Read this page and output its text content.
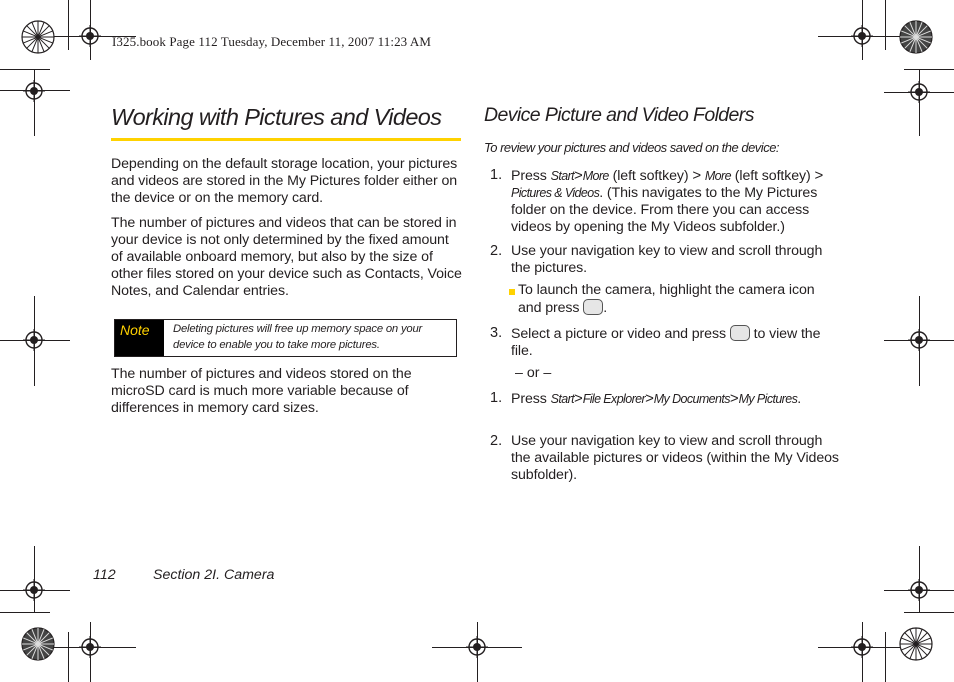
I325.book Page 112 Tuesday, December 11, 2007 11:23 AM
Working with Pictures and Videos
Depending on the default storage location, your pictures and videos are stored in the My Pictures folder either on the device or on the memory card.
The number of pictures and videos that can be stored in your device is not only determined by the fixed amount of available onboard memory, but also by the size of other files stored on your device such as Contacts, Voice Notes, and Calendar entries.
Note	Deleting pictures will free up memory space on your device to enable you to take more pictures.
The number of pictures and videos stored on the microSD card is much more variable because of differences in memory card sizes.
Device Picture and Video Folders
To review your pictures and videos saved on the device:
1. Press Start>More (left softkey) > More (left softkey) > Pictures & Videos. (This navigates to the My Pictures folder on the device. From there you can access videos by opening the My Videos subfolder.)
2. Use your navigation key to view and scroll through the pictures.
To launch the camera, highlight the camera icon and press .
3. Select a picture or video and press to view the file.
– or –
1. Press Start>File Explorer>My Documents>My Pictures.
2. Use your navigation key to view and scroll through the available pictures or videos (within the My Videos subfolder).
112	Section 2I. Camera
